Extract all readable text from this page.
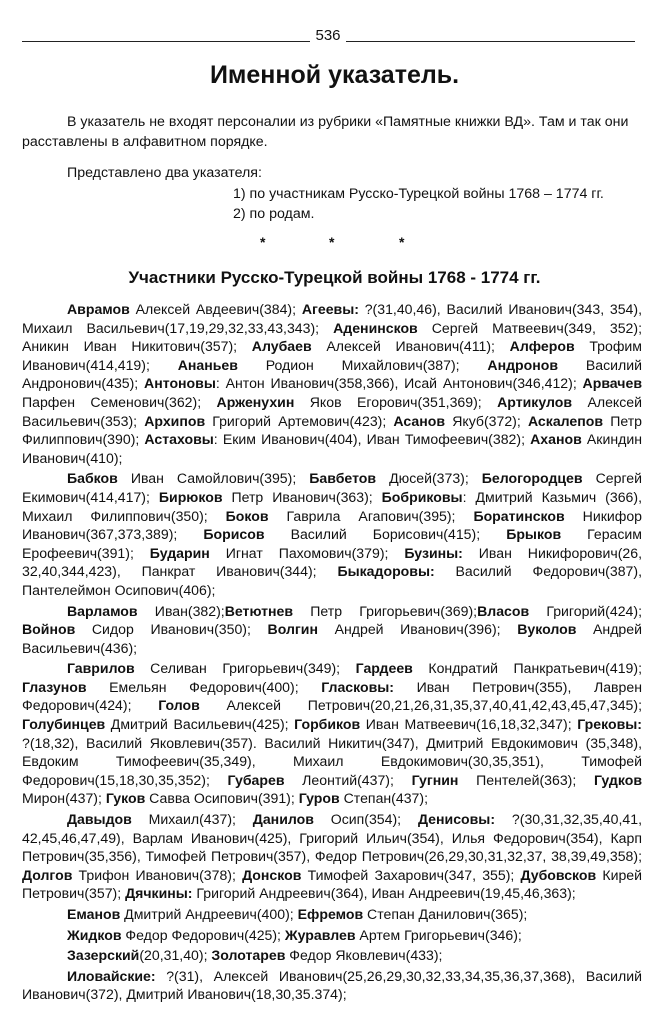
536
Именной указатель.
В указатель не входят персоналии из рубрики «Памятные книжки ВД». Там и так они расставлены в алфавитном порядке.
Представлено два указателя:
1) по участникам Русско-Турецкой войны 1768 – 1774 гг.
2) по родам.
*	*	*
Участники Русско-Турецкой войны 1768 - 1774 гг.

Аврамов Алексей Авдеевич(384); Агеевы: ?(31,40,46), Василий Иванович(343, 354), Михаил Васильевич(17,19,29,32,33,43,343); Аденинсков Сергей Матвеевич(349, 352); Аникин Иван Никитович(357); Алубаев Алексей Иванович(411); Алферов Трофим Иванович(414,419); Ананьев Родион Михайлович(387); Андронов Василий Андронович(435); Антоновы: Антон Иванович(358,366), Исай Антонович(346,412); Арвачев Парфен Семенович(362); Арженухин Яков Егорович(351,369); Артикулов Алексей Васильевич(353); Архипов Григорий Артемович(423); Асанов Якуб(372); Аскалепов Петр Филиппович(390); Астаховы: Еким Иванович(404), Иван Тимофеевич(382); Аханов Акиндин Иванович(410);

Бабков Иван Самойлович(395); Бавбетов Дюсей(373); Белогородцев Сергей Екимович(414,417); Бирюков Петр Иванович(363); Бобриковы: Дмитрий Казьмич (366), Михаил Филиппович(350); Боков Гаврила Агапович(395); Боратинсков Никифор Иванович(367,373,389); Борисов Василий Борисович(415); Брыков Герасим Ерофеевич(391); Бударин Игнат Пахомович(379); Бузины: Иван Никифорович(26, 32,40,344,423), Панкрат Иванович(344); Быкадоровы: Василий Федорович(387), Пантелеймон Осипович(406);

Варламов Иван(382);Ветютнев Петр Григорьевич(369);Власов Григорий(424); Войнов Сидор Иванович(350); Волгин Андрей Иванович(396); Вуколов Андрей Васильевич(436);

Гаврилов Селиван Григорьевич(349); Гардеев Кондратий Панкратьевич(419); Глазунов Емельян Федорович(400); Гласковы: Иван Петрович(355), Лаврен Федорович(424); Голов Алексей Петрович(20,21,26,31,35,37,40,41,42,43,45,47,345); Голубинцев Дмитрий Васильевич(425); Горбиков Иван Матвеевич(16,18,32,347); Грековы: ?(18,32), Василий Яковлевич(357). Василий Никитич(347), Дмитрий Евдокимович (35,348), Евдоким Тимофеевич(35,349), Михаил Евдокимович(30,35,351), Тимофей Федорович(15,18,30,35,352); Губарев Леонтий(437); Гугнин Пентелей(363); Гудков Мирон(437); Гуков Савва Осипович(391); Гуров Степан(437);

Давыдов Михаил(437); Данилов Осип(354); Денисовы: ?(30,31,32,35,40,41, 42,45,46,47,49), Варлам Иванович(425), Григорий Ильич(354), Илья Федорович(354), Карп Петрович(35,356), Тимофей Петрович(357), Федор Петрович(26,29,30,31,32,37, 38,39,49,358); Долгов Трифон Иванович(378); Донсков Тимофей Захарович(347, 355); Дубовсков Кирей Петрович(357); Дячкины: Григорий Андреевич(364), Иван Андреевич(19,45,46,363);

Еманов Дмитрий Андреевич(400); Ефремов Степан Данилович(365);

Жидков Федор Федорович(425); Журавлев Артем Григорьевич(346);

Зазерский(20,31,40); Золотарев Федор Яковлевич(433);

Иловайские: ?(31), Алексей Иванович(25,26,29,30,32,33,34,35,36,37,368), Василий Иванович(372), Дмитрий Иванович(18,30,35.374);
